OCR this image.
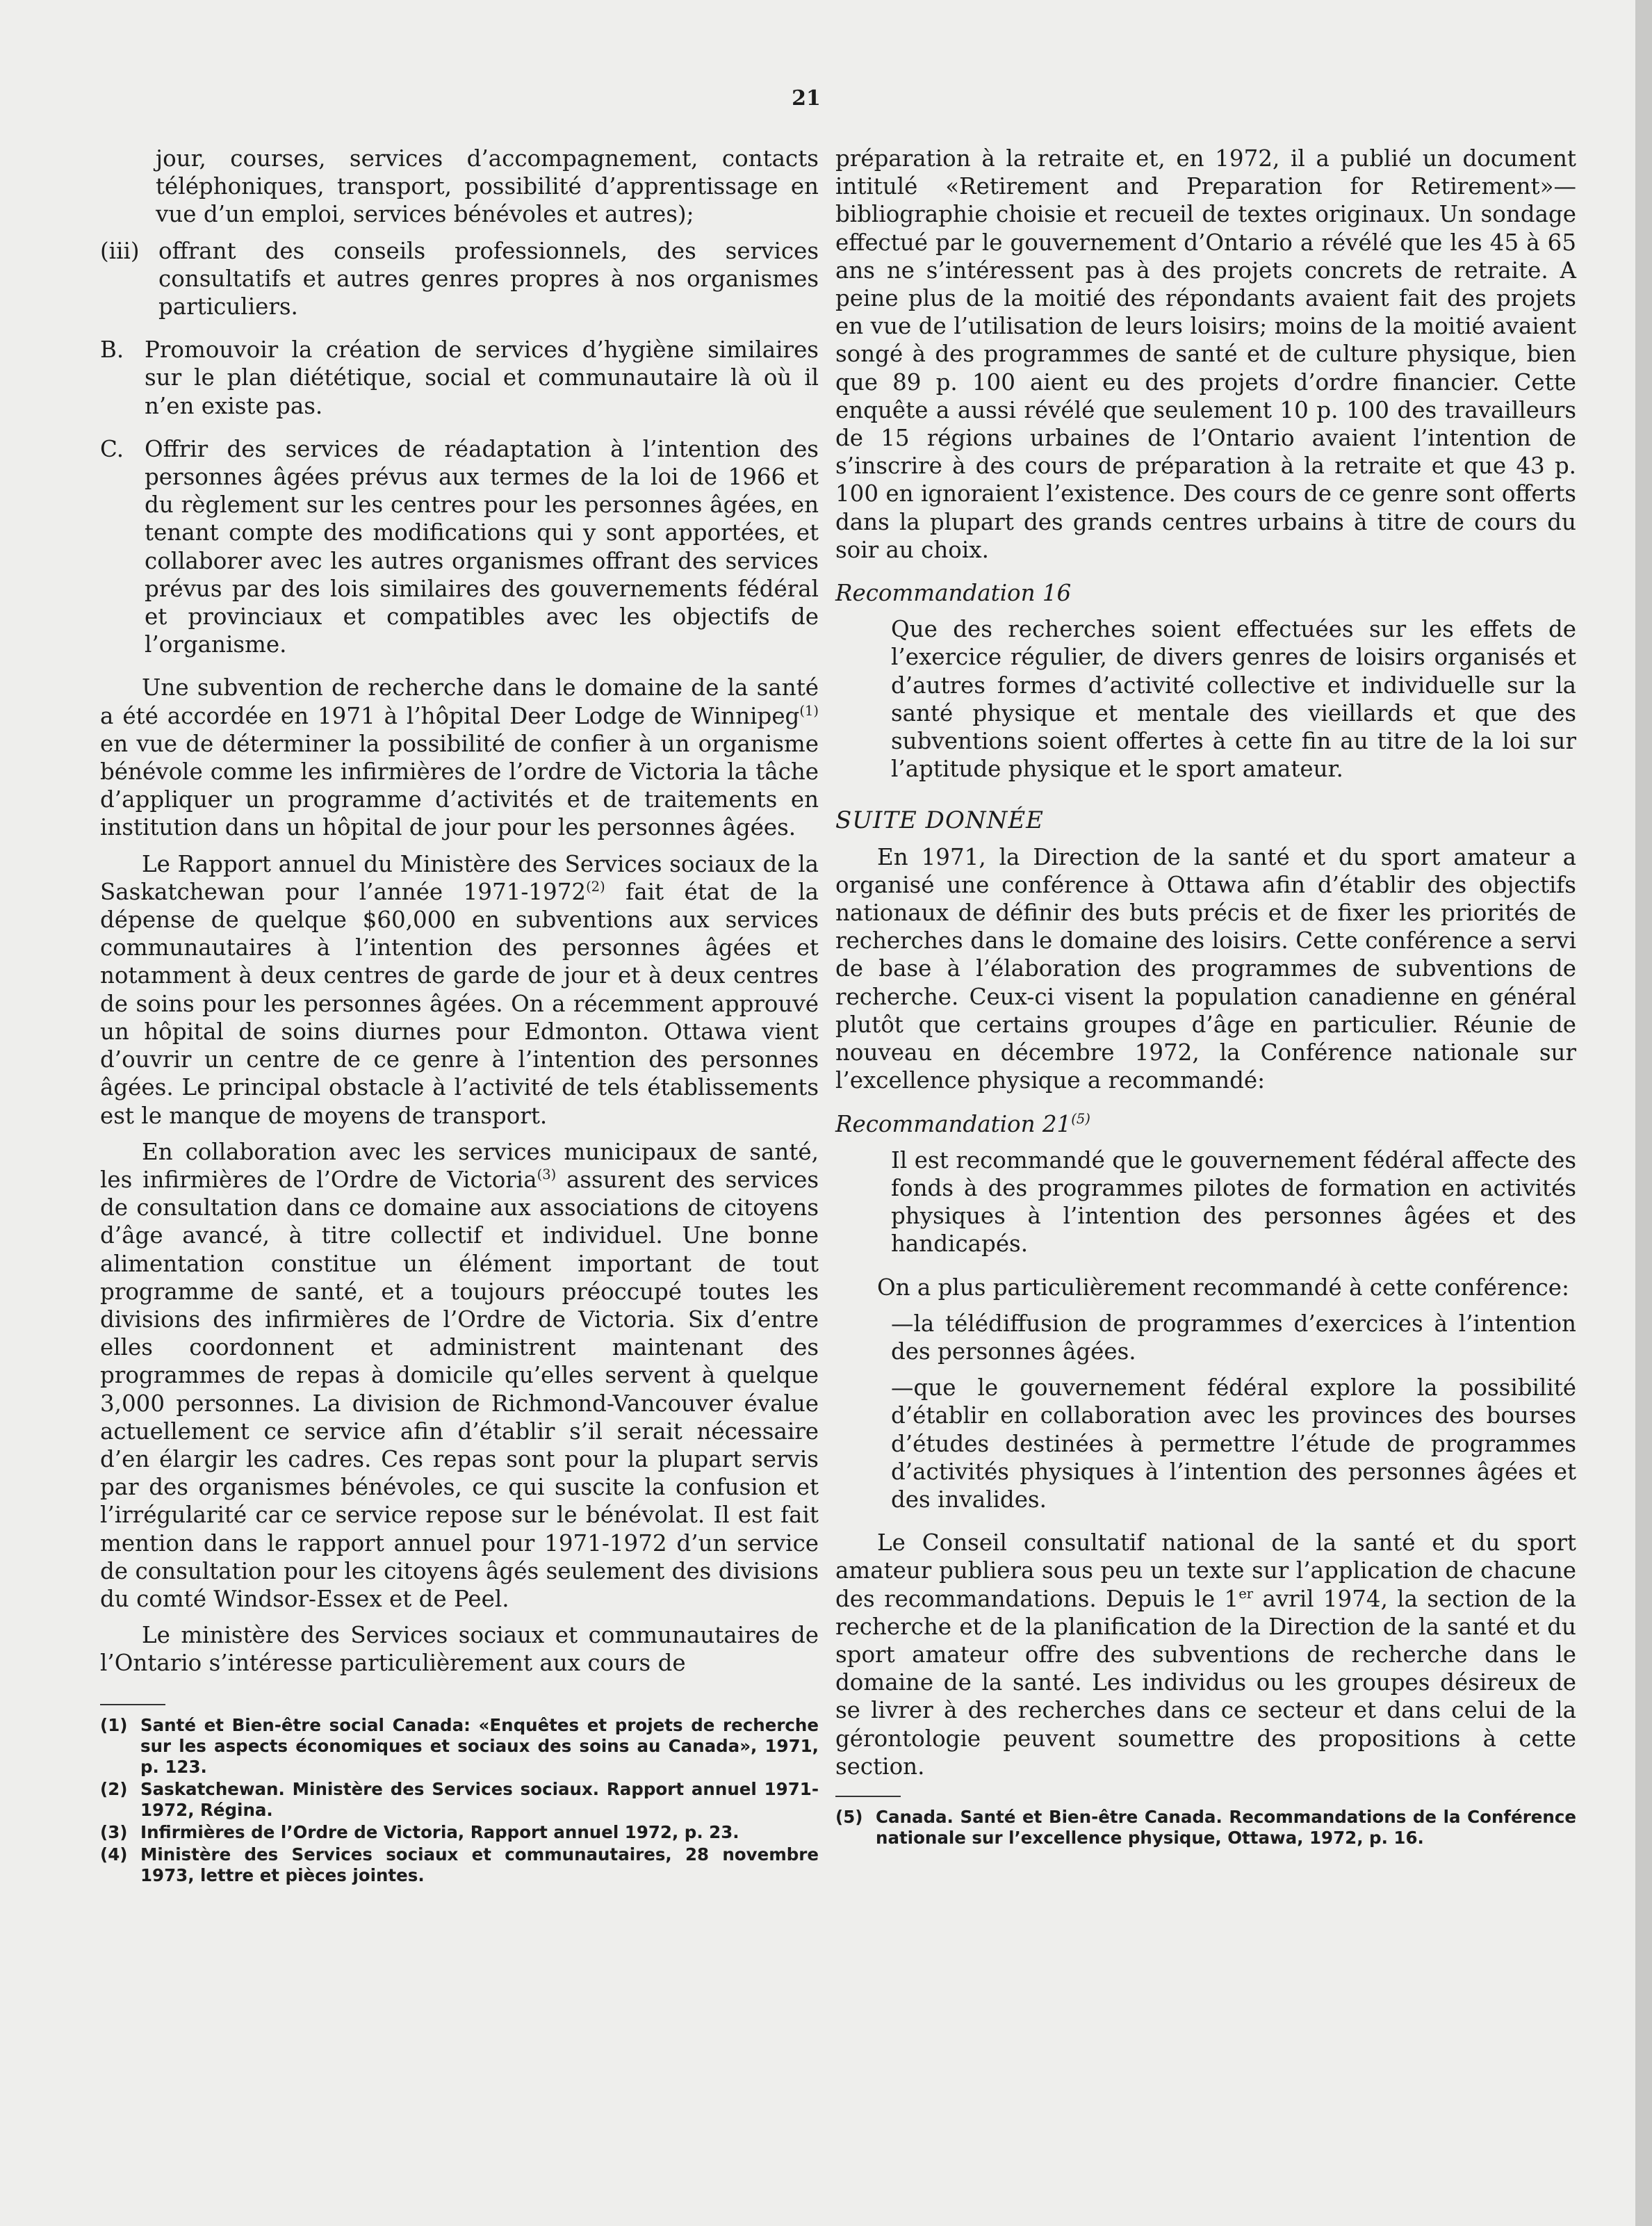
21

jour, courses, services d’accompagnement, contacts téléphoniques, transport, possibilité d’apprentissage en vue d’un emploi, services bénévoles et autres);

(iii) offrant des conseils professionnels, des services consultatifs et autres genres propres à nos organismes particuliers.
B. Promouvoir la création de services d’hygiène similaires sur le plan diététique, social et communautaire là où il n’en existe pas.
C. Offrir des services de réadaptation à l’intention des personnes âgées prévus aux termes de la loi de 1966 et du règlement sur les centres pour les personnes âgées, en tenant compte des modifications qui y sont apportées, et collaborer avec les autres organismes offrant des services prévus par des lois similaires des gouvernements fédéral et provinciaux et compatibles avec les objectifs de l’organisme.

Une subvention de recherche dans le domaine de la santé a été accordée en 1971 à l’hôpital Deer Lodge de Winnipeg$^{(1)}$ en vue de déterminer la possibilité de confier à un organisme bénévole comme les infirmières de l’ordre de Victoria la tâche d’appliquer un programme d’activités et de traitements en institution dans un hôpital de jour pour les personnes âgées.

Le Rapport annuel du Ministère des Services sociaux de la Saskatchewan pour l’année 1971-1972$^{(2)}$ fait état de la dépense de quelque $60,000 en subventions aux services communautaires à l’intention des personnes âgées et notamment à deux centres de garde de jour et à deux centres de soins pour les personnes âgées. On a récemment approuvé un hôpital de soins diurnes pour Edmonton. Ottawa vient d’ouvrir un centre de ce genre à l’intention des personnes âgées. Le principal obstacle à l’activité de tels établissements est le manque de moyens de transport.

En collaboration avec les services municipaux de santé, les infirmières de l’Ordre de Victoria$^{(3)}$ assurent des services de consultation dans ce domaine aux associations de citoyens d’âge avancé, à titre collectif et individuel. Une bonne alimentation constitue un élément important de tout programme de santé, et a toujours préoccupé toutes les divisions des infirmières de l’Ordre de Victoria. Six d’entre elles coordonnent et administrent maintenant des programmes de repas à domicile qu’elles servent à quelque 3,000 personnes. La division de Richmond-Vancouver évalue actuellement ce service afin d’établir s’il serait nécessaire d’en élargir les cadres. Ces repas sont pour la plupart servis par des organismes bénévoles, ce qui suscite la confusion et l’irrégularité car ce service repose sur le bénévolat. Il est fait mention dans le rapport annuel pour 1971-1972 d’un service de consultation pour les citoyens âgés seulement des divisions du comté Windsor-Essex et de Peel.

Le ministère des Services sociaux et communautaires de l’Ontario s’intéresse particulièrement aux cours de

(1) Santé et Bien-être social Canada: «Enquêtes et projets de recherche sur les aspects économiques et sociaux des soins au Canada», 1971, p. 123.
(2) Saskatchewan. Ministère des Services sociaux. Rapport annuel 1971-1972, Régina.
(3) Infirmières de l’Ordre de Victoria, Rapport annuel 1972, p. 23.
(4) Ministère des Services sociaux et communautaires, 28 novembre 1973, lettre et pièces jointes.

préparation à la retraite et, en 1972, il a publié un document intitulé «Retirement and Preparation for Retirement»—bibliographie choisie et recueil de textes originaux. Un sondage effectué par le gouvernement d’Ontario a révélé que les 45 à 65 ans ne s’intéressent pas à des projets concrets de retraite. A peine plus de la moitié des répondants avaient fait des projets en vue de l’utilisation de leurs loisirs; moins de la moitié avaient songé à des programmes de santé et de culture physique, bien que 89 p. 100 aient eu des projets d’ordre financier. Cette enquête a aussi révélé que seulement 10 p. 100 des travailleurs de 15 régions urbaines de l’Ontario avaient l’intention de s’inscrire à des cours de préparation à la retraite et que 43 p. 100 en ignoraient l’existence. Des cours de ce genre sont offerts dans la plupart des grands centres urbains à titre de cours du soir au choix.

Recommandation 16

Que des recherches soient effectuées sur les effets de l’exercice régulier, de divers genres de loisirs organisés et d’autres formes d’activité collective et individuelle sur la santé physique et mentale des vieillards et que des subventions soient offertes à cette fin au titre de la loi sur l’aptitude physique et le sport amateur.

SUITE DONNÉE

En 1971, la Direction de la santé et du sport amateur a organisé une conférence à Ottawa afin d’établir des objectifs nationaux de définir des buts précis et de fixer les priorités de recherches dans le domaine des loisirs. Cette conférence a servi de base à l’élaboration des programmes de subventions de recherche. Ceux-ci visent la population canadienne en général plutôt que certains groupes d’âge en particulier. Réunie de nouveau en décembre 1972, la Conférence nationale sur l’excellence physique a recommandé:

Recommandation 21$^{(5)}$

Il est recommandé que le gouvernement fédéral affecte des fonds à des programmes pilotes de formation en activités physiques à l’intention des personnes âgées et des handicapés.

On a plus particulièrement recommandé à cette conférence:

—la télédiffusion de programmes d’exercices à l’intention des personnes âgées.

—que le gouvernement fédéral explore la possibilité d’établir en collaboration avec les provinces des bourses d’études destinées à permettre l’étude de programmes d’activités physiques à l’intention des personnes âgées et des invalides.

Le Conseil consultatif national de la santé et du sport amateur publiera sous peu un texte sur l’application de chacune des recommandations. Depuis le 1er avril 1974, la section de la recherche et de la planification de la Direction de la santé et du sport amateur offre des subventions de recherche dans le domaine de la santé. Les individus ou les groupes désireux de se livrer à des recherches dans ce secteur et dans celui de la gérontologie peuvent soumettre des propositions à cette section.

(5) Canada. Santé et Bien-être Canada. Recommandations de la Conférence nationale sur l’excellence physique, Ottawa, 1972, p. 16.
